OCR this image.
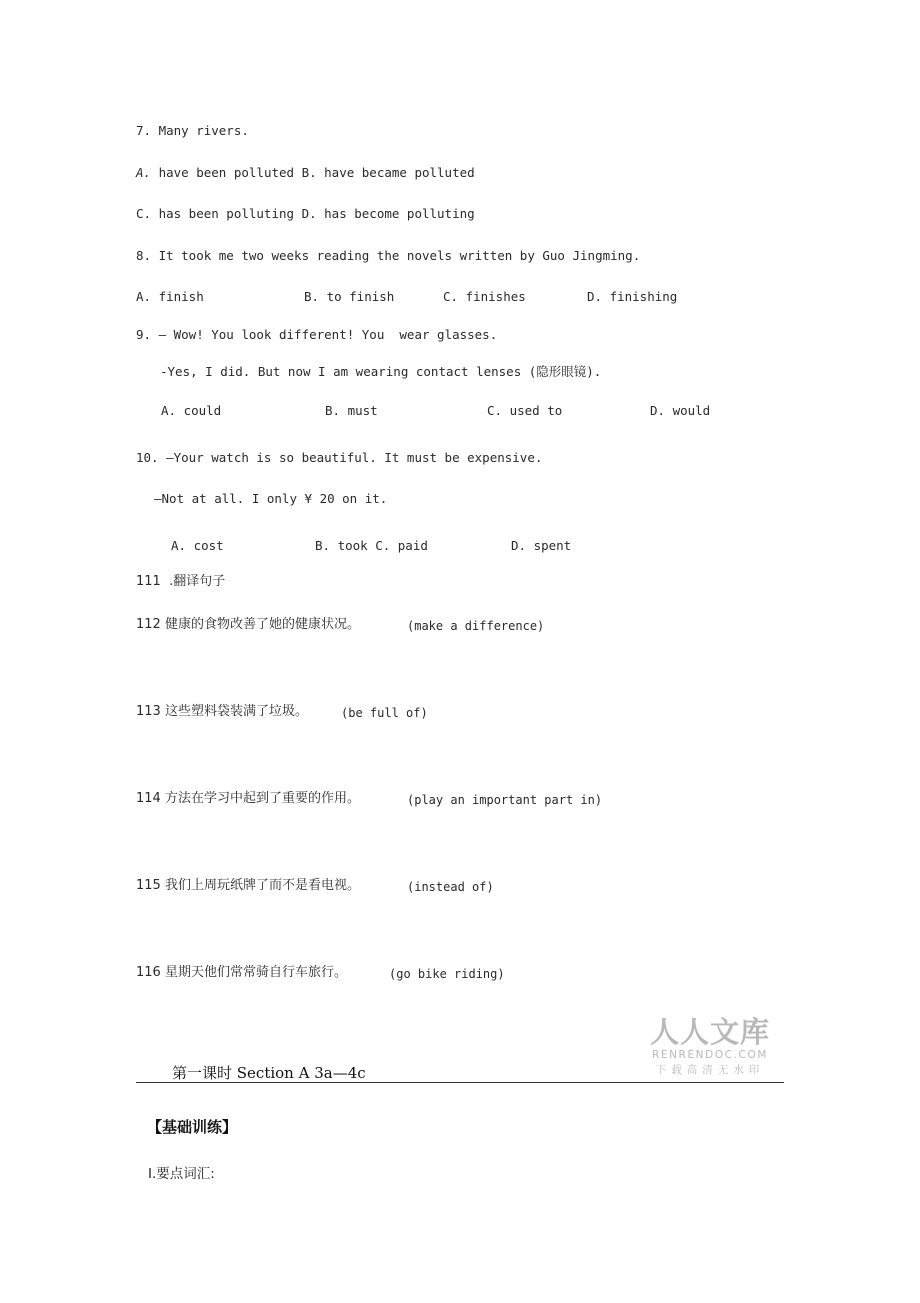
7. Many rivers.
A. have been polluted B. have became polluted
C. has been polluting D. has become polluting
8. It took me two weeks reading the novels written by Guo Jingming.
A. finish	B. to finish	C. finishes	D. finishing
9. — Wow! You look different! You  wear glasses.
-Yes, I did. But now I am wearing contact lenses (隐形眼镜).
A. could	B. must	C. used to	D. would
10. —Your watch is so beautiful. It must be expensive.
—Not at all. I only ¥ 20 on it.
A. cost	B. took C. paid	D. spent
111  .翻译句子
112 健康的食物改善了她的健康状况。	(make a difference)
113 这些塑料袋装满了垃圾。	(be full of)
114 方法在学习中起到了重要的作用。	(play an important part in)
115 我们上周玩纸牌了而不是看电视。	(instead of)
116 星期天他们常常骑自行车旅行。	(go bike riding)
人人文库
RENRENDOC.COM
下载高清无水印
第一课时 Section A 3a—4c
【基础训练】
Ⅰ.要点词汇:
